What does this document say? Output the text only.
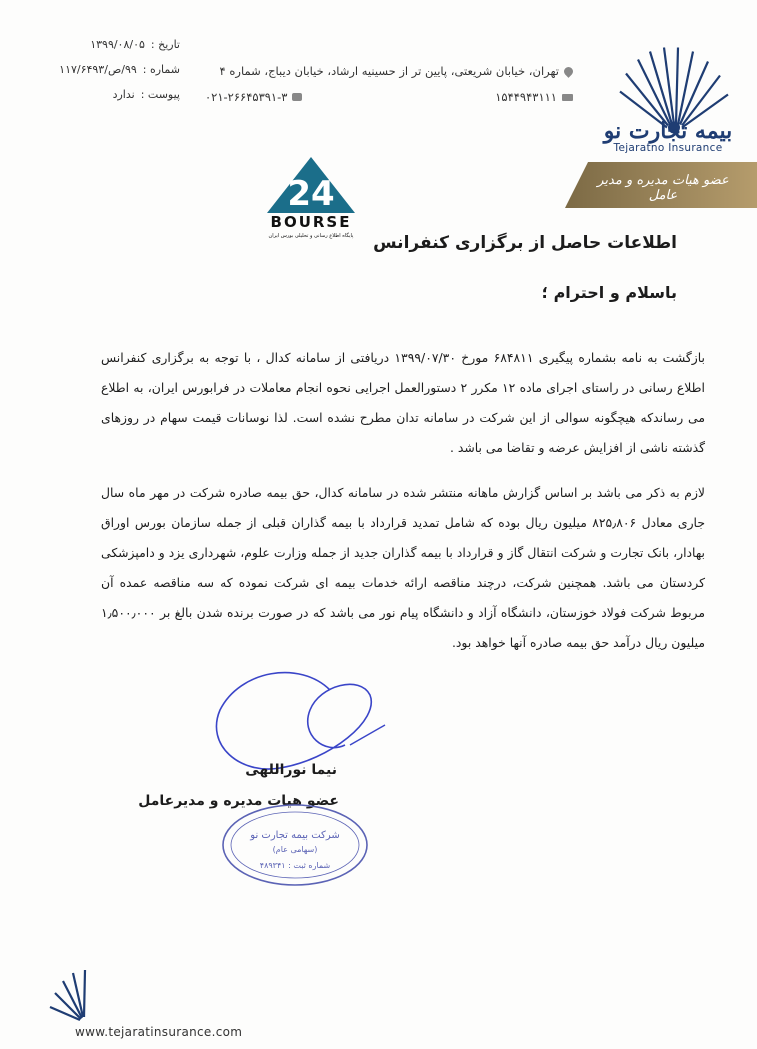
تاریخ :
۱۳۹۹/۰۸/۰۵
شماره :
۹۹/ص/۱۱۷/۶۴۹۳
پیوست :
ندارد
تهران، خیابان شریعتی، پایین تر از حسینیه ارشاد، خیابان دیباج، شماره ۴
۱۵۴۴۹۴۳۱۱۱
۰۲۱-۲۶۶۴۵۳۹۱-۳
بیمه تجارت نو
Tejaratno Insurance
عضو هیات مدیره و مدیر عامل
24
BOURSE
پایگاه اطلاع رسانی و تحلیلی بورس ایران	اطلاعات حاصل از برگزاری کنفرانس
باسلام و احترام ؛

بازگشت به نامه بشماره پیگیری ۶۸۴۸۱۱ مورخ ۱۳۹۹/۰۷/۳۰ دریافتی از سامانه کدال ، با توجه به برگزاری کنفرانس اطلاع رسانی در راستای اجرای ماده ۱۲ مکرر ۲ دستورالعمل اجرایی نحوه انجام معاملات در فرابورس ایران، به اطلاع می رساندکه هیچگونه سوالی از این شرکت در سامانه تدان مطرح نشده است. لذا نوسانات قیمت سهام در روزهای گذشته ناشی از افزایش عرضه و تقاضا می باشد .

لازم به ذکر می باشد بر اساس گزارش ماهانه منتشر شده در سامانه کدال، حق بیمه صادره شرکت در مهر ماه سال جاری معادل ۸۲۵٫۸۰۶ میلیون ریال بوده که شامل تمدید قرارداد با بیمه گذاران قبلی از جمله سازمان بورس اوراق بهادار، بانک تجارت و شرکت انتقال گاز و قرارداد با بیمه گذاران جدید از جمله وزارت علوم، شهرداری یزد و دامپزشکی کردستان می باشد. همچنین شرکت، درچند مناقصه ارائه خدمات بیمه ای شرکت نموده که سه مناقصه عمده آن مربوط شرکت فولاد خوزستان، دانشگاه آزاد و دانشگاه پیام نور می باشد که در صورت برنده شدن بالغ بر ۱٫۵۰۰٫۰۰۰ میلیون ریال درآمد حق بیمه صادره آنها خواهد بود.

نیما نوراللهی
عضو هیات مدیره و مدیرعامل
شرکت بیمه تجارت نو
(سهامی عام)
شماره ثبت : ۴۸۹۳۴۱
www.tejaratinsurance.com
